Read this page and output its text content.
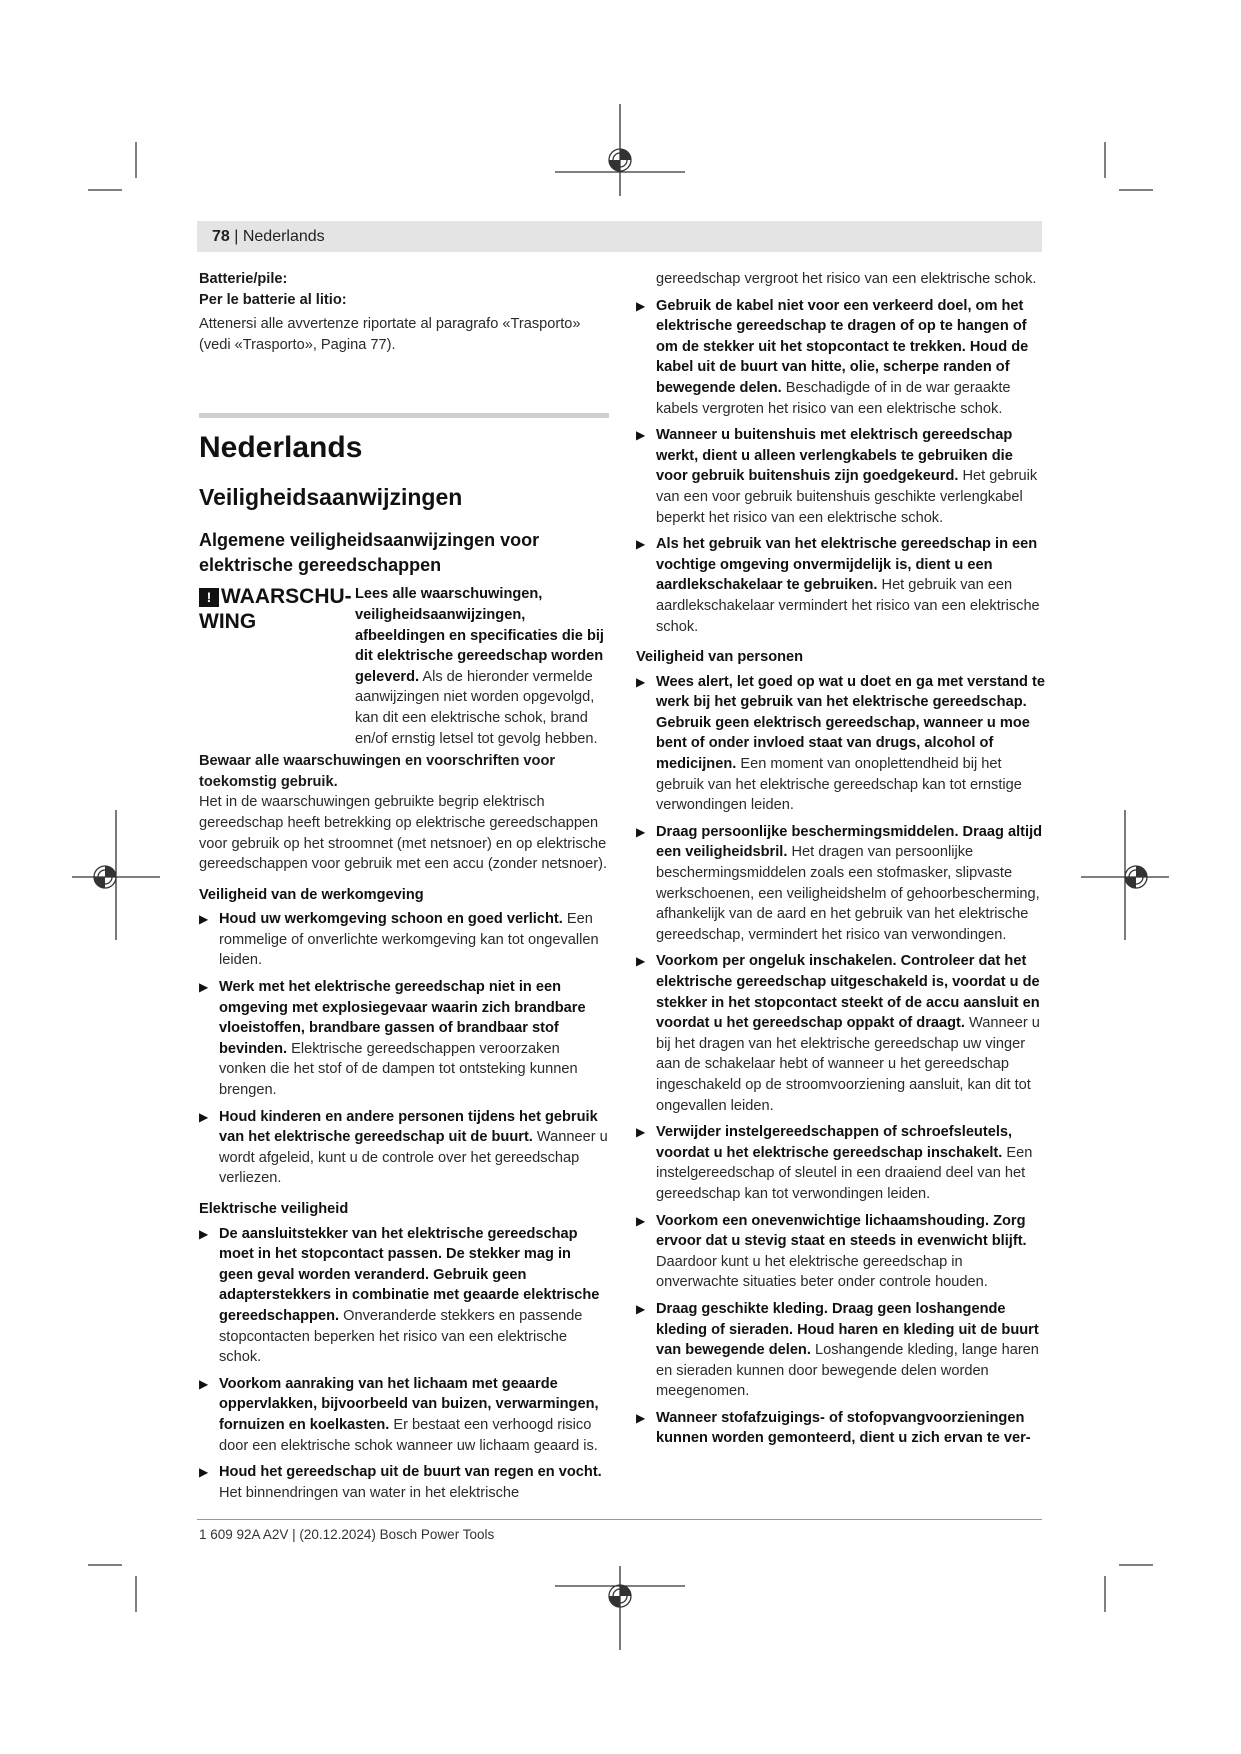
78 | Nederlands

Batterie/pile:

Per le batterie al litio:

Attenersi alle avvertenze riportate al paragrafo «Trasporto» (vedi «Trasporto», Pagina 77).

Nederlands
Veiligheidsaanwijzingen
Algemene veiligheidsaanwijzingen voor elektrische gereedschappen
! WAARSCHU-WING
Lees alle waarschuwingen, veiligheidsaanwijzingen, afbeeldingen en specificaties die bij dit elektrische gereedschap worden geleverd. Als de hieronder vermelde aanwijzingen niet worden opgevolgd, kan dit een elektrische schok, brand en/of ernstig letsel tot gevolg hebben.

Bewaar alle waarschuwingen en voorschriften voor toekomstig gebruik.

Het in de waarschuwingen gebruikte begrip elektrisch gereedschap heeft betrekking op elektrische gereedschappen voor gebruik op het stroomnet (met netsnoer) en op elektrische gereedschappen voor gebruik met een accu (zonder netsnoer).

Veiligheid van de werkomgeving
▶ Houd uw werkomgeving schoon en goed verlicht. Een rommelige of onverlichte werkomgeving kan tot ongevallen leiden.
▶ Werk met het elektrische gereedschap niet in een omgeving met explosiegevaar waarin zich brandbare vloeistoffen, brandbare gassen of brandbaar stof bevinden. Elektrische gereedschappen veroorzaken vonken die het stof of de dampen tot ontsteking kunnen brengen.
▶ Houd kinderen en andere personen tijdens het gebruik van het elektrische gereedschap uit de buurt. Wanneer u wordt afgeleid, kunt u de controle over het gereedschap verliezen.
Elektrische veiligheid
▶ De aansluitstekker van het elektrische gereedschap moet in het stopcontact passen. De stekker mag in geen geval worden veranderd. Gebruik geen adapterstekkers in combinatie met geaarde elektrische gereedschappen. Onveranderde stekkers en passende stopcontacten beperken het risico van een elektrische schok.
▶ Voorkom aanraking van het lichaam met geaarde oppervlakken, bijvoorbeeld van buizen, verwarmingen, fornuizen en koelkasten. Er bestaat een verhoogd risico door een elektrische schok wanneer uw lichaam geaard is.
▶ Houd het gereedschap uit de buurt van regen en vocht. Het binnendringen van water in het elektrische

gereedschap vergroot het risico van een elektrische schok.

▶ Gebruik de kabel niet voor een verkeerd doel, om het elektrische gereedschap te dragen of op te hangen of om de stekker uit het stopcontact te trekken. Houd de kabel uit de buurt van hitte, olie, scherpe randen of bewegende delen. Beschadigde of in de war geraakte kabels vergroten het risico van een elektrische schok.
▶ Wanneer u buitenshuis met elektrisch gereedschap werkt, dient u alleen verlengkabels te gebruiken die voor gebruik buitenshuis zijn goedgekeurd. Het gebruik van een voor gebruik buitenshuis geschikte verlengkabel beperkt het risico van een elektrische schok.
▶ Als het gebruik van het elektrische gereedschap in een vochtige omgeving onvermijdelijk is, dient u een aardlekschakelaar te gebruiken. Het gebruik van een aardlekschakelaar vermindert het risico van een elektrische schok.
Veiligheid van personen
▶ Wees alert, let goed op wat u doet en ga met verstand te werk bij het gebruik van het elektrische gereedschap. Gebruik geen elektrisch gereedschap, wanneer u moe bent of onder invloed staat van drugs, alcohol of medicijnen. Een moment van onoplettendheid bij het gebruik van het elektrische gereedschap kan tot ernstige verwondingen leiden.
▶ Draag persoonlijke beschermingsmiddelen. Draag altijd een veiligheidsbril. Het dragen van persoonlijke beschermingsmiddelen zoals een stofmasker, slipvaste werkschoenen, een veiligheidshelm of gehoorbescherming, afhankelijk van de aard en het gebruik van het elektrische gereedschap, vermindert het risico van verwondingen.
▶ Voorkom per ongeluk inschakelen. Controleer dat het elektrische gereedschap uitgeschakeld is, voordat u de stekker in het stopcontact steekt of de accu aansluit en voordat u het gereedschap oppakt of draagt. Wanneer u bij het dragen van het elektrische gereedschap uw vinger aan de schakelaar hebt of wanneer u het gereedschap ingeschakeld op de stroomvoorziening aansluit, kan dit tot ongevallen leiden.
▶ Verwijder instelgereedschappen of schroefsleutels, voordat u het elektrische gereedschap inschakelt. Een instelgereedschap of sleutel in een draaiend deel van het gereedschap kan tot verwondingen leiden.
▶ Voorkom een onevenwichtige lichaamshouding. Zorg ervoor dat u stevig staat en steeds in evenwicht blijft. Daardoor kunt u het elektrische gereedschap in onverwachte situaties beter onder controle houden.
▶ Draag geschikte kleding. Draag geen loshangende kleding of sieraden. Houd haren en kleding uit de buurt van bewegende delen. Loshangende kleding, lange haren en sieraden kunnen door bewegende delen worden meegenomen.
▶ Wanneer stofafzuigings- of stofopvangvoorzieningen kunnen worden gemonteerd, dient u zich ervan te ver-
1 609 92A A2V | (20.12.2024) Bosch Power Tools
